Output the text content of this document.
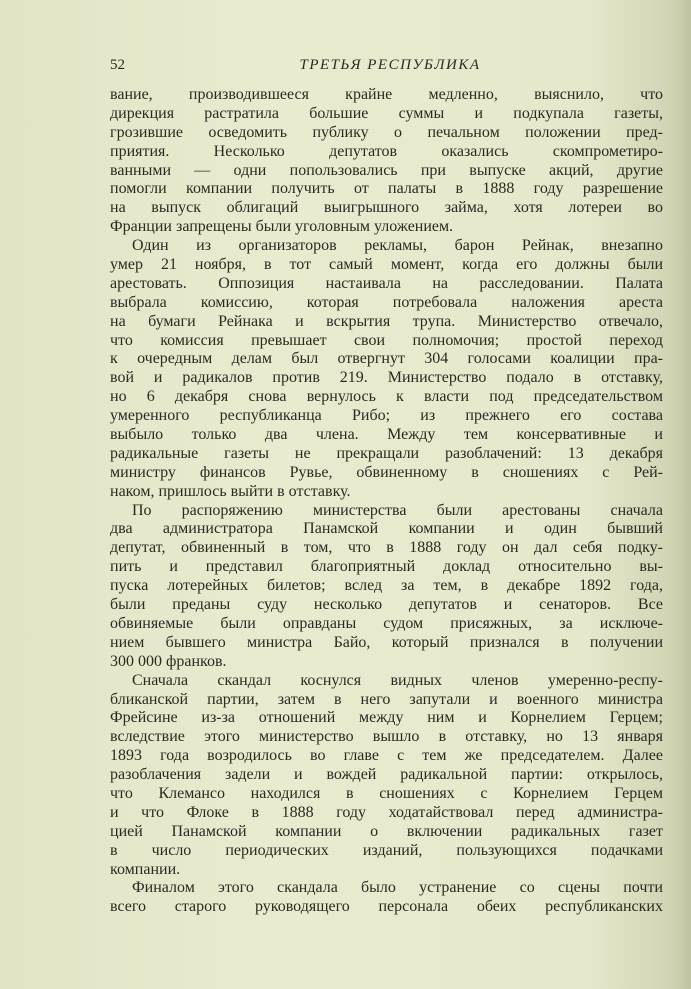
52	ТРЕТЬЯ РЕСПУБЛИКА
вание, производившееся крайне медленно, выяснило, что
дирекция растратила большие суммы и подкупала газеты,
грозившие осведомить публику о печальном положении пред-
приятия. Несколько депутатов оказались скомпрометиро-
ванными — одни попользовались при выпуске акций, другие
помогли компании получить от палаты в 1888 году разрешение
на выпуск облигаций выигрышного займа, хотя лотереи во
Франции запрещены были уголовным уложением.
Один из организаторов рекламы, барон Рейнак, внезапно
умер 21 ноября, в тот самый момент, когда его должны были
арестовать. Оппозиция настаивала на расследовании. Палата
выбрала комиссию, которая потребовала наложения ареста
на бумаги Рейнака и вскрытия трупа. Министерство отвечало,
что комиссия превышает свои полномочия; простой переход
к очередным делам был отвергнут 304 голосами коалиции пра-
вой и радикалов против 219. Министерство подало в отставку,
но 6 декабря снова вернулось к власти под председательством
умеренного республиканца Рибо; из прежнего его состава
выбыло только два члена. Между тем консервативные и
радикальные газеты не прекращали разоблачений: 13 декабря
министру финансов Рувье, обвиненному в сношениях с Рей-
наком, пришлось выйти в отставку.
По распоряжению министерства были арестованы сначала
два администратора Панамской компании и один бывший
депутат, обвиненный в том, что в 1888 году он дал себя подку-
пить и представил благоприятный доклад относительно вы-
пуска лотерейных билетов; вслед за тем, в декабре 1892 года,
были преданы суду несколько депутатов и сенаторов. Все
обвиняемые были оправданы судом присяжных, за исключе-
нием бывшего министра Байо, который признался в получении
300 000 франков.
Сначала скандал коснулся видных членов умеренно-респу-
бликанской партии, затем в него запутали и военного министра
Фрейсине из-за отношений между ним и Корнелием Герцем;
вследствие этого министерство вышло в отставку, но 13 января
1893 года возродилось во главе с тем же председателем. Далее
разоблачения задели и вождей радикальной партии: открылось,
что Клемансо находился в сношениях с Корнелием Герцем
и что Флоке в 1888 году ходатайствовал перед администра-
цией Панамской компании о включении радикальных газет
в число периодических изданий, пользующихся подачками
компании.
Финалом этого скандала было устранение со сцены почти
всего старого руководящего персонала обеих республиканских
